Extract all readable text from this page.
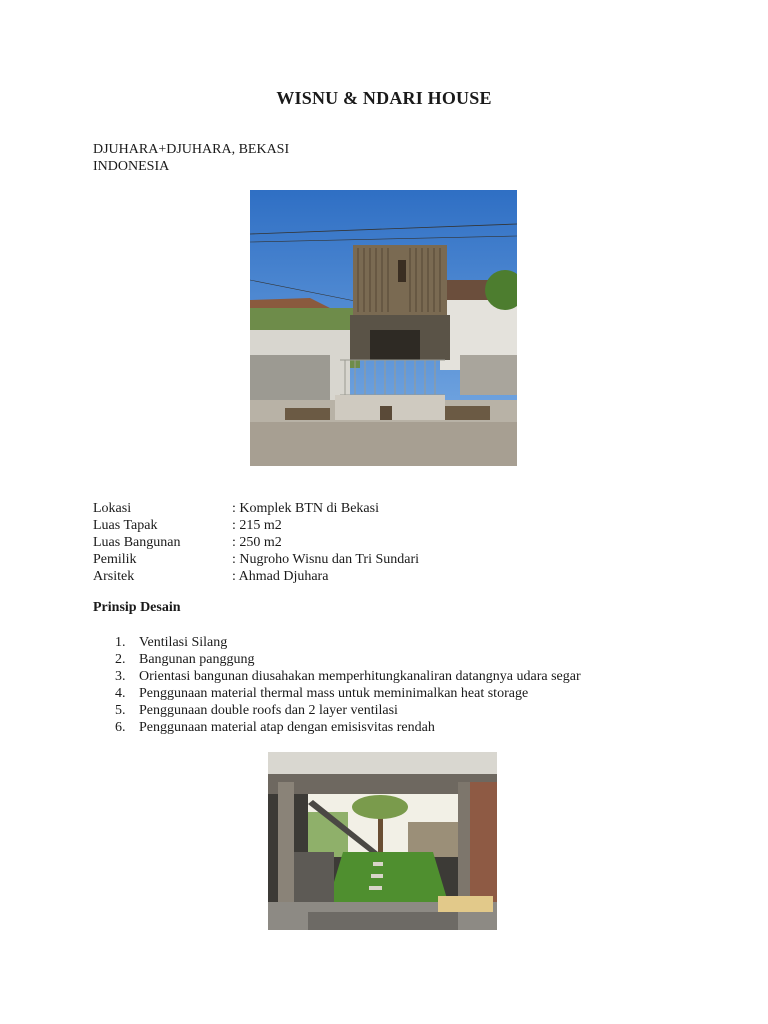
WISNU & NDARI HOUSE
DJUHARA+DJUHARA, BEKASI
INDONESIA
Lokasi	: Komplek BTN di Bekasi
Luas Tapak	: 215 m2
Luas Bangunan	: 250 m2
Pemilik	: Nugroho Wisnu dan Tri Sundari
Arsitek	: Ahmad Djuhara
Prinsip Desain
1. Ventilasi Silang
2. Bangunan panggung
3. Orientasi bangunan diusahakan memperhitungkanaliran datangnya udara segar
4. Penggunaan material thermal mass untuk meminimalkan heat storage
5. Penggunaan double roofs dan 2 layer ventilasi
6. Penggunaan material atap dengan emisisvitas rendah
